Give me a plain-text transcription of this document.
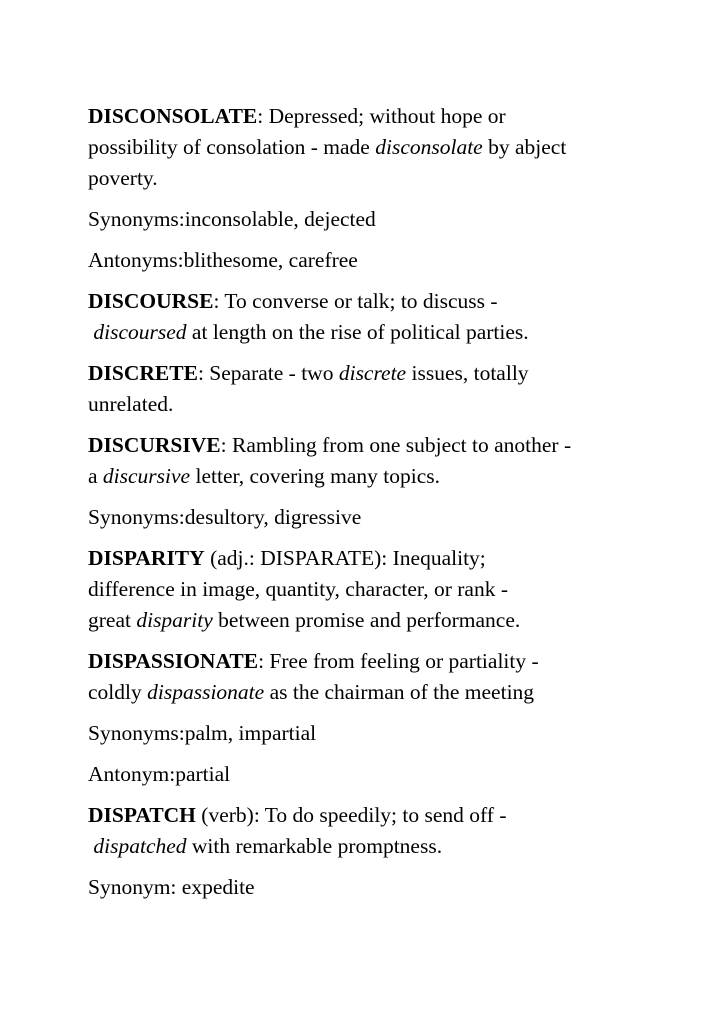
DISCONSOLATE: Depressed; without hope or
possibility of consolation - made disconsolate by abject
poverty.

Synonyms:inconsolable, dejected

Antonyms:blithesome, carefree

DISCOURSE: To converse or talk; to discuss -
discoursed at length on the rise of political parties.

DISCRETE: Separate - two discrete issues, totally
unrelated.

DISCURSIVE: Rambling from one subject to another -
a discursive letter, covering many topics.

Synonyms:desultory, digressive

DISPARITY (adj.: DISPARATE): Inequality;
difference in image, quantity, character, or rank -
great disparity between promise and performance.

DISPASSIONATE: Free from feeling or partiality -
coldly dispassionate as the chairman of the meeting

Synonyms:palm, impartial

Antonym:partial

DISPATCH (verb): To do speedily; to send off -
dispatched with remarkable promptness.

Synonym: expedite
